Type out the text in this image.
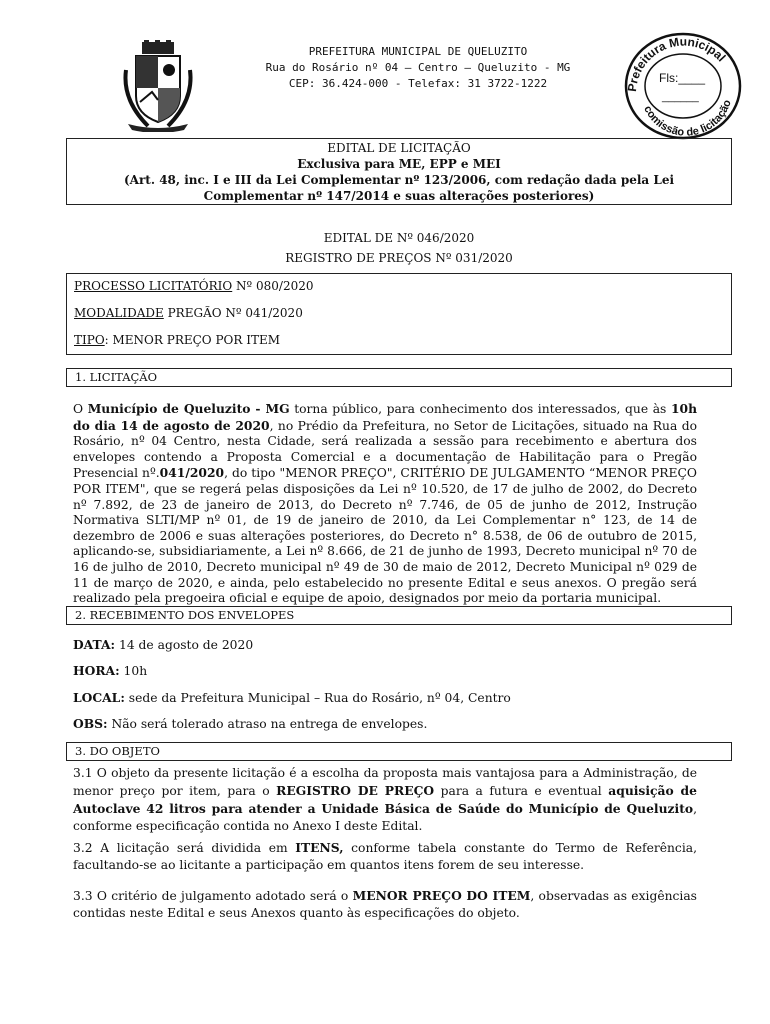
PREFEITURA MUNICIPAL DE QUELUZITO
Rua do Rosário nº 04 – Centro – Queluzito - MG
CEP: 36.424-000 - Telefax: 31 3722-1222	Prefeitura Municipal
comissão de licitação
Fls:____
______
EDITAL DE LICITAÇÃO
Exclusiva para ME, EPP e MEI
(Art. 48, inc. I e III da Lei Complementar nº 123/2006, com redação dada pela Lei
Complementar nº 147/2014 e suas alterações posteriores)
EDITAL DE Nº 046/2020
REGISTRO DE PREÇOS Nº 031/2020
PROCESSO LICITATÓRIO Nº 080/2020
MODALIDADE PREGÃO Nº 041/2020
TIPO: MENOR PREÇO POR ITEM
1. LICITAÇÃO
O Município de Queluzito - MG torna público, para conhecimento dos interessados, que às 10h do dia 14 de agosto de 2020, no Prédio da Prefeitura, no Setor de Licitações, situado na Rua do Rosário, nº 04 Centro, nesta Cidade, será realizada a sessão para recebimento e abertura dos envelopes contendo a Proposta Comercial e a documentação de Habilitação para o Pregão Presencial nº.041/2020, do tipo "MENOR PREÇO", CRITÉRIO DE JULGAMENTO “MENOR PREÇO POR ITEM", que se regerá pelas disposições da Lei nº 10.520, de 17 de julho de 2002, do Decreto nº 7.892, de 23 de janeiro de 2013, do Decreto nº 7.746, de 05 de junho de 2012, Instrução Normativa SLTI/MP nº 01, de 19 de janeiro de 2010, da Lei Complementar n° 123, de 14 de dezembro de 2006 e suas alterações posteriores, do Decreto n° 8.538, de 06 de outubro de 2015, aplicando-se, subsidiariamente, a Lei nº 8.666, de 21 de junho de 1993, Decreto municipal nº 70 de 16 de julho de 2010, Decreto municipal nº 49 de 30 de maio de 2012, Decreto Municipal nº 029 de 11 de março de 2020, e ainda, pelo estabelecido no presente Edital e seus anexos. O pregão será realizado pela pregoeira oficial e equipe de apoio, designados por meio da portaria municipal.
2. RECEBIMENTO DOS ENVELOPES
DATA: 14 de agosto de 2020
HORA: 10h
LOCAL: sede da Prefeitura Municipal – Rua do Rosário, nº 04, Centro
OBS: Não será tolerado atraso na entrega de envelopes.
3. DO OBJETO
3.1 O objeto da presente licitação é a escolha da proposta mais vantajosa para a Administração, de menor preço por item, para o REGISTRO DE PREÇO para a futura e eventual aquisição de Autoclave 42 litros para atender a Unidade Básica de Saúde do Município de Queluzito, conforme especificação contida no Anexo I deste Edital.
3.2 A licitação será dividida em ITENS, conforme tabela constante do Termo de Referência, facultando-se ao licitante a participação em quantos itens forem de seu interesse.
3.3 O critério de julgamento adotado será o MENOR PREÇO DO ITEM, observadas as exigências contidas neste Edital e seus Anexos quanto às especificações do objeto.
